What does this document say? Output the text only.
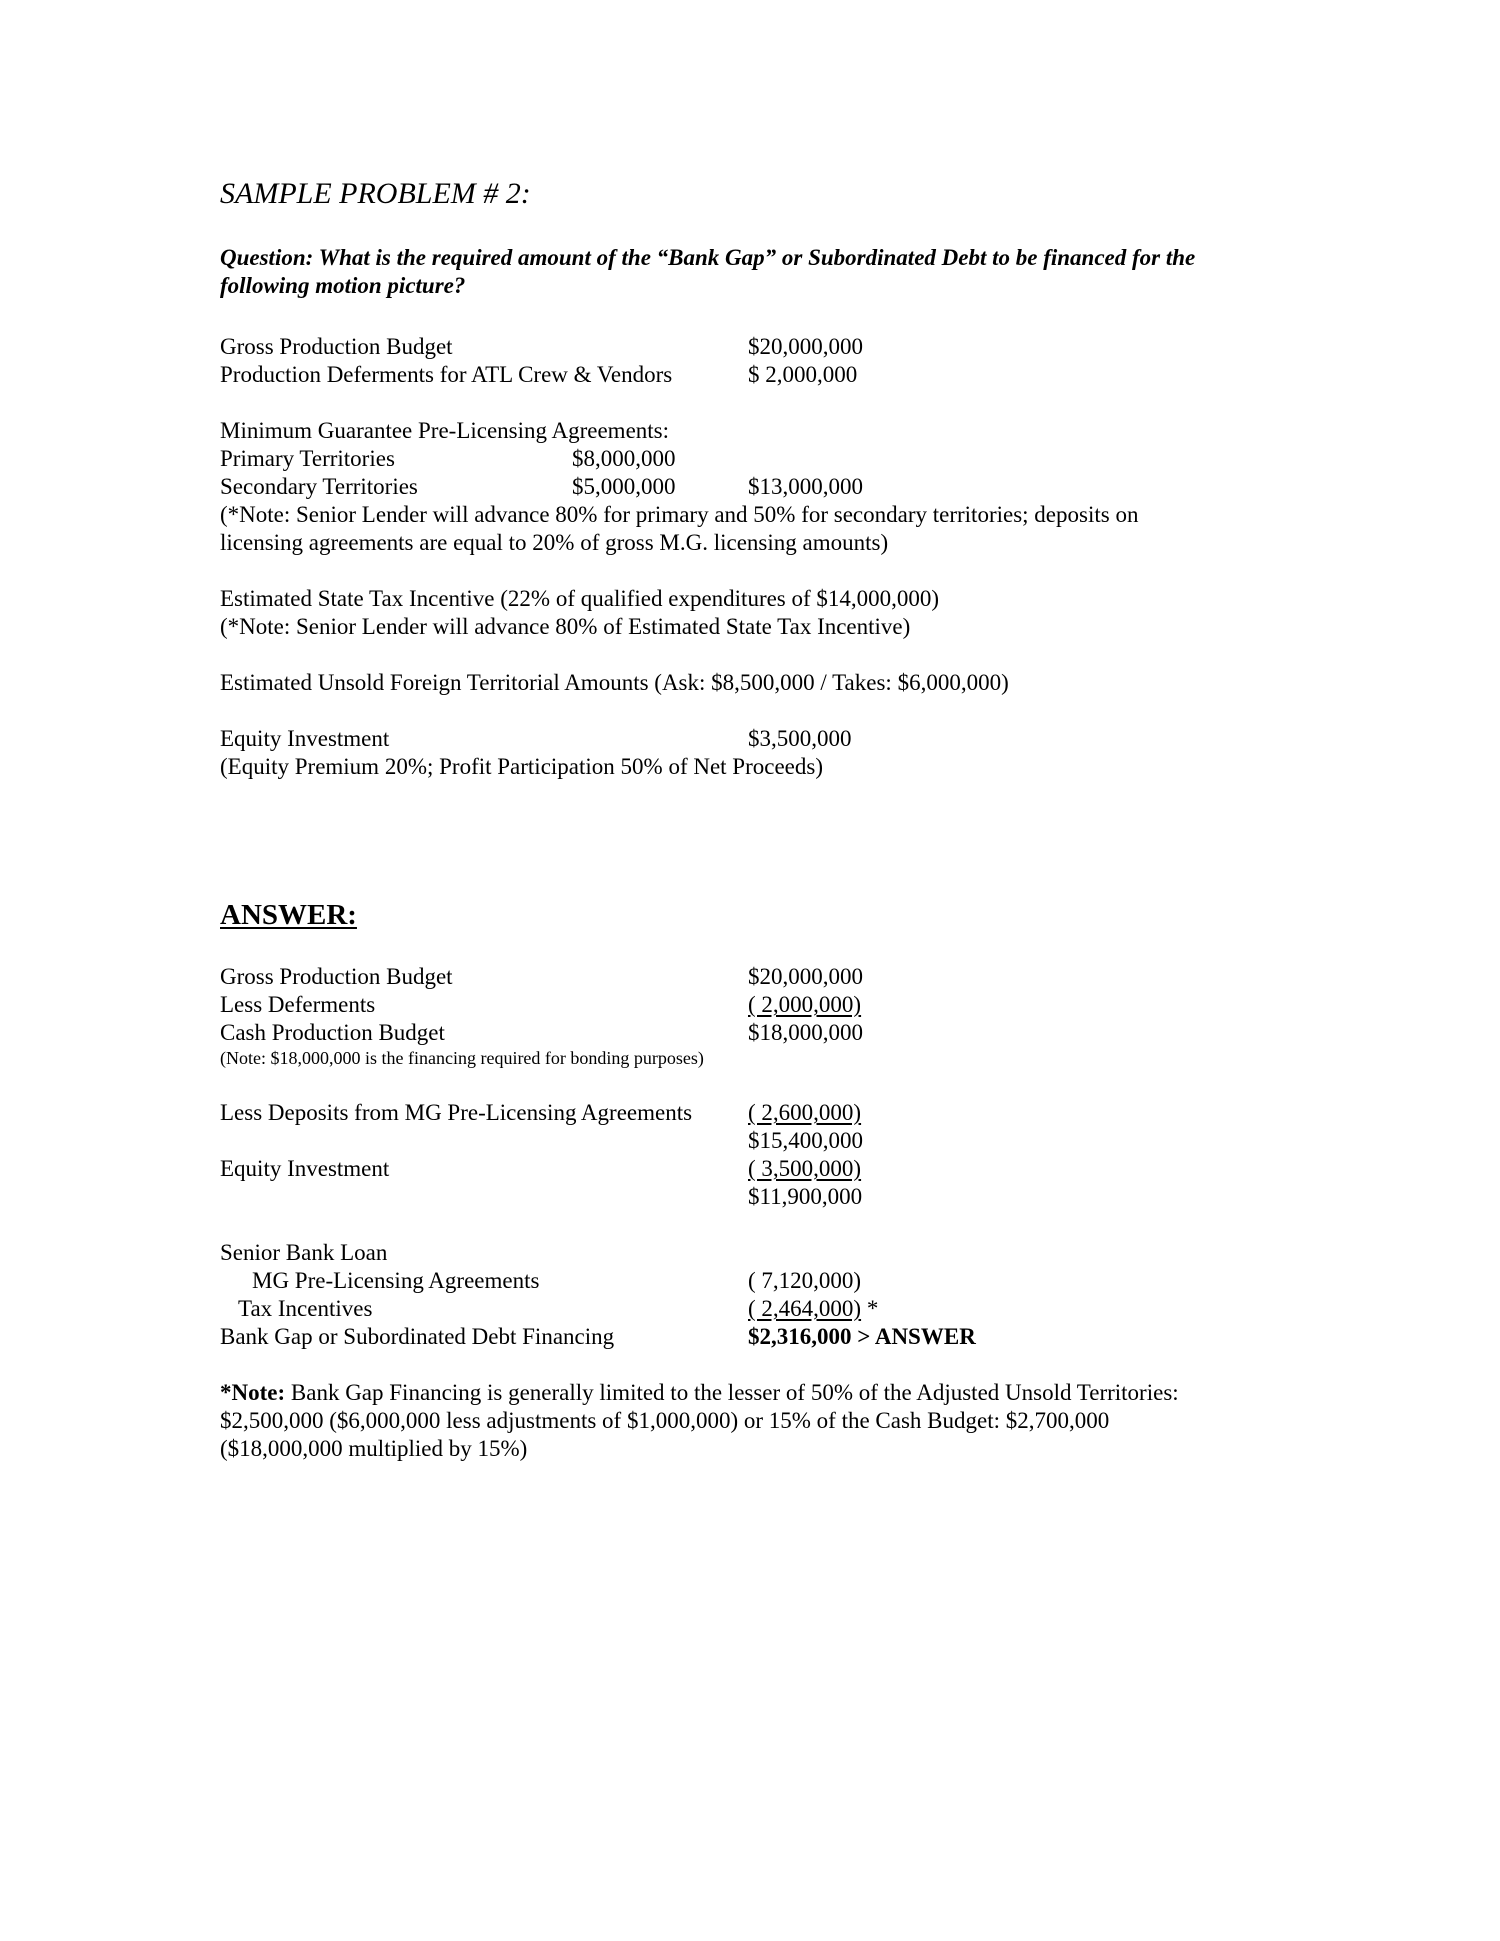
SAMPLE PROBLEM # 2:
Question: What is the required amount of the “Bank Gap” or Subordinated Debt to be financed for the
following motion picture?
Gross Production Budget	$20,000,000
Production Deferments for ATL Crew & Vendors	$ 2,000,000
Minimum Guarantee Pre-Licensing Agreements:
Primary Territories	$8,000,000
Secondary Territories	$5,000,000	$13,000,000
(*Note: Senior Lender will advance 80% for primary and 50% for secondary territories; deposits on
licensing agreements are equal to 20% of gross M.G. licensing amounts)
Estimated State Tax Incentive (22% of qualified expenditures of $14,000,000)
(*Note: Senior Lender will advance 80% of Estimated State Tax Incentive)
Estimated Unsold Foreign Territorial Amounts (Ask: $8,500,000 / Takes: $6,000,000)
Equity Investment	$3,500,000
(Equity Premium 20%; Profit Participation 50% of Net Proceeds)
ANSWER:
Gross Production Budget	$20,000,000
Less Deferments	( 2,000,000)
Cash Production Budget	$18,000,000
(Note: $18,000,000 is the financing required for bonding purposes)
Less Deposits from MG Pre-Licensing Agreements ( 2,600,000)
$15,400,000
Equity Investment	( 3,500,000)
$11,900,000
Senior Bank Loan
MG Pre-Licensing Agreements	( 7,120,000)
Tax Incentives	( 2,464,000) *
Bank Gap or Subordinated Debt Financing	$2,316,000 > ANSWER
*Note: Bank Gap Financing is generally limited to the lesser of 50% of the Adjusted Unsold Territories:
$2,500,000 ($6,000,000 less adjustments of $1,000,000) or 15% of the Cash Budget: $2,700,000
($18,000,000 multiplied by 15%)
